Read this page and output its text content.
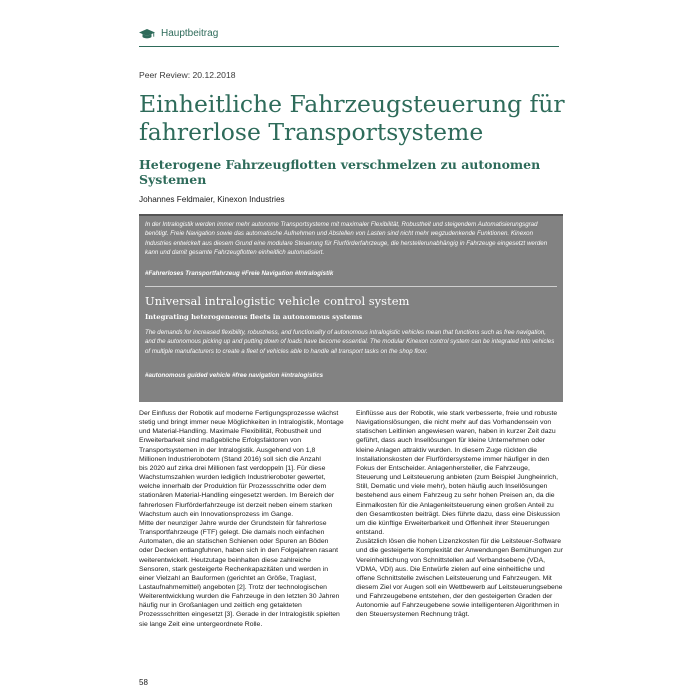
Hauptbeitrag
Peer Review: 20.12.2018
Einheitliche Fahrzeugsteuerung für fahrerlose Transportsysteme
Heterogene Fahrzeugflotten verschmelzen zu autonomen Systemen
Johannes Feldmaier, Kinexon Industries

In der Intralogistik werden immer mehr autonome Transportsysteme mit maximaler Flexibilität, Robustheit und steigendem Automatisierungsgrad benötigt. Freie Navigation sowie das automatische Aufnehmen und Abstellen von Lasten sind nicht mehr wegzudenkende Funktionen. Kinexon Industries entwickelt aus diesem Grund eine modulare Steuerung für Flurförderfahrzeuge, die herstellerunabhängig in Fahrzeuge eingesetzt werden kann und damit gesamte Fahrzeugflotten einheitlich automatisiert.

#Fahrerloses Transportfahrzeug #Freie Navigation #Intralogistik
Universal intralogistic vehicle control system
Integrating heterogeneous fleets in autonomous systems

The demands for increased flexibility, robustness, and functionality of autonomous intralogistic vehicles mean that functions such as free navigation, and the autonomous picking up and putting down of loads have become essential. The modular Kinexon control system can be integrated into vehicles of multiple manufacturers to create a fleet of vehicles able to handle all transport tasks on the shop floor.

#autonomous guided vehicle #free navigation #intralogistics

Der Einfluss der Robotik auf moderne Fertigungsprozesse wächst stetig und bringt immer neue Möglichkeiten in Intralogistik, Montage und Material-Handling. Maximale Flexibilität, Robustheit und Erweiterbarkeit sind maßgebliche Erfolgsfaktoren von Transportsystemen in der Intralogistik. Ausgehend von 1,8 Millionen Industrierobotern (Stand 2016) soll sich die Anzahl

bis 2020 auf zirka drei Millionen fast verdoppeln [1]. Für diese Wachstumszahlen wurden lediglich Industrieroboter gewertet, welche innerhalb der Produktion für Prozessschritte oder dem stationären Material-Handling eingesetzt werden. Im Bereich der fahrerlosen Flurförderfahrzeuge ist derzeit neben einem starken Wachstum auch ein Innovationsprozess im Gange.

Mitte der neunziger Jahre wurde der Grundstein für fahrerlose Transportfahrzeuge (FTF) gelegt. Die damals noch einfachen Automaten, die an statischen Schienen oder Spuren an Böden oder Decken entlangfuhren, haben sich in den Folgejahren rasant weiterentwickelt. Heutzutage beinhalten diese zahlreiche Sensoren, stark gesteigerte Rechenkapazitäten und werden in einer Vielzahl an Bauformen (gerichtet an Größe, Traglast, Lastaufnahmemittel) angeboten [2]. Trotz der technologischen Weiterentwicklung wurden die Fahrzeuge in den letzten 30 Jahren häufig nur in Großanlagen und zeitlich eng getakteten Prozessschritten eingesetzt [3]. Gerade in der Intralogistik spielten sie lange Zeit eine untergeordnete Rolle.

Einflüsse aus der Robotik, wie stark verbesserte, freie und robuste Navigationslösungen, die nicht mehr auf das Vorhandensein von statischen Leitlinien angewiesen waren, haben in kurzer Zeit dazu geführt, dass auch Insellösungen für kleine Unternehmen oder kleine Anlagen attraktiv wurden. In diesem Zuge rückten die Installationskosten der Flurfördersysteme immer häufiger in den Fokus der Entscheider. Anlagenhersteller, die Fahrzeuge, Steuerung und Leitsteuerung anbieten (zum Beispiel Jungheinrich, Still, Dematic und viele mehr), boten häufig auch Insellösungen bestehend aus einem Fahrzeug zu sehr hohen Preisen an, da die Einmalkosten für die Anlagenleitsteuerung einen großen Anteil zu den Gesamtkosten beiträgt. Dies führte dazu, dass eine Diskussion um die künftige Erweiterbarkeit und Offenheit ihrer Steuerungen entstand.

Zusätzlich lösen die hohen Lizenzkosten für die Leitsteuer-Software und die gesteigerte Komplexität der Anwendungen Bemühungen zur Vereinheitlichung von Schnittstellen auf Verbandsebene (VDA, VDMA, VDI) aus. Die Entwürfe zielen auf eine einheitliche und offene Schnittstelle zwischen Leitsteuerung und Fahrzeugen. Mit diesem Ziel vor Augen soll ein Wettbewerb auf Leitsteuerungsebene und Fahrzeugebene entstehen, der den gesteigerten Graden der Autonomie auf Fahrzeugebene sowie intelligenteren Algorithmen in den Steuersystemen Rechnung trägt.

58
